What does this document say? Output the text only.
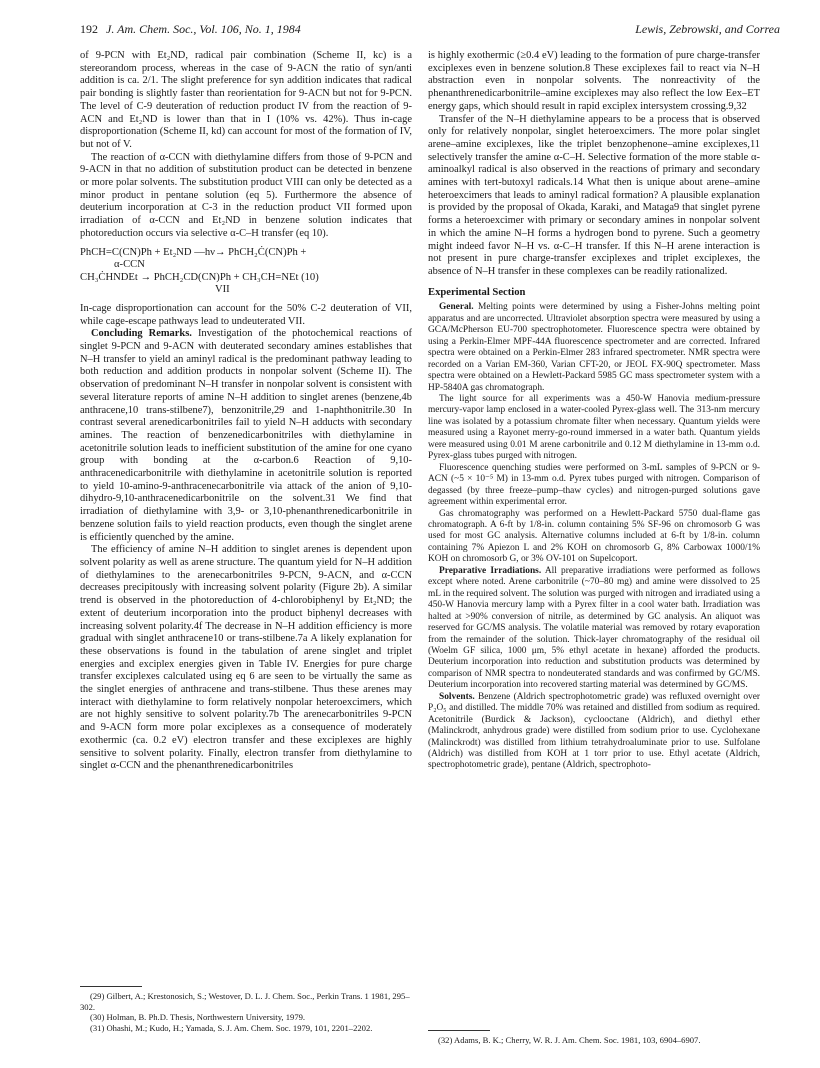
192 J. Am. Chem. Soc., Vol. 106, No. 1, 1984	Lewis, Zebrowski, and Correa

of 9-PCN with Et₂ND, radical pair combination (Scheme II, kc) is a stereorandom process, whereas in the case of 9-ACN the ratio of syn/anti addition is ca. 2/1. The slight preference for syn addition indicates that radical pair bonding is slightly faster than reorientation for 9-ACN but not for 9-PCN. The level of C-9 deuteration of reduction product IV from the reaction of 9-ACN and Et₂ND is lower than that in I (10% vs. 42%). Thus in-cage disproportionation (Scheme II, kd) can account for most of the formation of IV, but not of V.

The reaction of α-CCN with diethylamine differs from those of 9-PCN and 9-ACN in that no addition of substitution product can be detected in benzene or more polar solvents. The substitution product VIII can only be detected as a minor product in pentane solution (eq 5). Furthermore the absence of deuterium incorporation at C-3 in the reduction product VII formed upon irradiation of α-CCN and Et₂ND in benzene solution indicates that photoreduction occurs via selective α-C–H transfer (eq 10).

PhCH=C(CN)Ph + Et₂ND —hν→ PhCH₂Ċ(CN)Ph +
α-CCN
CH₃ĊHNDEt → PhCH₂CD(CN)Ph + CH₃CH=NEt (10)
VII

In-cage disproportionation can account for the 50% C-2 deuteration of VII, while cage-escape pathways lead to undeuterated VII.

Concluding Remarks. Investigation of the photochemical reactions of singlet 9-PCN and 9-ACN with deuterated secondary amines establishes that N–H transfer to yield an aminyl radical is the predominant pathway leading to both reduction and addition products in nonpolar solvent (Scheme II). The observation of predominant N–H transfer in nonpolar solvent is consistent with several literature reports of amine N–H addition to singlet arenes (benzene,4b anthracene,10 trans-stilbene7), benzonitrile,29 and 1-naphthonitrile.30 In contrast several arenedicarbonitriles fail to yield N–H adducts with secondary amines. The reaction of benzenedicarbonitriles with diethylamine in acetonitrile solution leads to inefficient substitution of the amine for one cyano group with bonding at the α-carbon.6 Reaction of 9,10-anthracenedicarbonitrile with diethylamine in acetonitrile solution is reported to yield 10-amino-9-anthracenecarbonitrile via attack of the anion of 9,10-dihydro-9,10-anthracenedicarbonitrile on the solvent.31 We find that irradiation of diethylamine with 3,9- or 3,10-phenanthrenedicarbonitrile in benzene solution fails to yield reaction products, even though the singlet arene is efficiently quenched by the amine.

The efficiency of amine N–H addition to singlet arenes is dependent upon solvent polarity as well as arene structure. The quantum yield for N–H addition of diethylamines to the arenecarbonitriles 9-PCN, 9-ACN, and α-CCN decreases precipitously with increasing solvent polarity (Figure 2b). A similar trend is observed in the photoreduction of 4-chlorobiphenyl by Et₂ND; the extent of deuterium incorporation into the product biphenyl decreases with increasing solvent polarity.4f The decrease in N–H addition efficiency is more gradual with singlet anthracene10 or trans-stilbene.7a A likely explanation for these observations is found in the tabulation of arene singlet and triplet energies and exciplex energies given in Table IV. Energies for pure charge transfer exciplexes calculated using eq 6 are seen to be virtually the same as the singlet energies of anthracene and trans-stilbene. Thus these arenes may interact with diethylamine to form relatively nonpolar heteroexcimers, which are not highly sensitive to solvent polarity.7b The arenecarbonitriles 9-PCN and 9-ACN form more polar exciplexes as a consequence of moderately exothermic (ca. 0.2 eV) electron transfer and these exciplexes are highly sensitive to solvent polarity. Finally, electron transfer from diethylamine to singlet α-CCN and the phenanthrenedicarbonitriles

is highly exothermic (≥0.4 eV) leading to the formation of pure charge-transfer exciplexes even in benzene solution.8 These exciplexes fail to react via N–H abstraction even in nonpolar solvents. The nonreactivity of the phenanthrenedicarbonitrile–amine exciplexes may also reflect the low Eex–ET energy gaps, which should result in rapid exciplex intersystem crossing.9,32

Transfer of the N–H diethylamine appears to be a process that is observed only for relatively nonpolar, singlet heteroexcimers. The more polar singlet arene–amine exciplexes, like the triplet benzophenone–amine exciplexes,11 selectively transfer the amine α-C–H. Selective formation of the more stable α-aminoalkyl radical is also observed in the reactions of primary and secondary amines with tert-butoxyl radicals.14 What then is unique about arene–amine heteroexcimers that leads to aminyl radical formation? A plausible explanation is provided by the proposal of Okada, Karaki, and Mataga9 that singlet pyrene forms a heteroexcimer with primary or secondary amines in nonpolar solvent in which the amine N–H forms a hydrogen bond to pyrene. Such a geometry might indeed favor N–H vs. α-C–H transfer. If this N–H arene interaction is not present in pure charge-transfer exciplexes and triplet exciplexes, the absence of N–H transfer in these complexes can be readily rationalized.

Experimental Section

General. Melting points were determined by using a Fisher-Johns melting point apparatus and are uncorrected. Ultraviolet absorption spectra were measured by using a GCA/McPherson EU-700 spectrophotometer. Fluorescence spectra were obtained by using a Perkin-Elmer MPF-44A fluorescence spectrometer and are corrected. Infrared spectra were obtained on a Perkin-Elmer 283 infrared spectrometer. NMR spectra were recorded on a Varian EM-360, Varian CFT-20, or JEOL FX-90Q spectrometer. Mass spectra were obtained on a Hewlett-Packard 5985 GC mass spectrometer system with a HP-5840A gas chromatograph.

The light source for all experiments was a 450-W Hanovia medium-pressure mercury-vapor lamp enclosed in a water-cooled Pyrex-glass well. The 313-nm mercury line was isolated by a potassium chromate filter when necessary. Quantum yields were measured using a Rayonet merry-go-round immersed in a water bath. Quantum yields were measured using 0.01 M arene carbonitrile and 0.12 M diethylamine in 13-mm o.d. Pyrex-glass tubes purged with nitrogen.

Fluorescence quenching studies were performed on 3-mL samples of 9-PCN or 9-ACN (~5 × 10⁻⁵ M) in 13-mm o.d. Pyrex tubes purged with nitrogen. Comparison of degassed (by three freeze–pump–thaw cycles) and nitrogen-purged solutions gave agreement within experimental error.

Gas chromatography was performed on a Hewlett-Packard 5750 dual-flame gas chromatograph. A 6-ft by 1/8-in. column containing 5% SF-96 on chromosorb G was used for most GC analysis. Alternative columns included at 6-ft by 1/8-in. column containing 7% Apiezon L and 2% KOH on chromosorb G, 8% Carbowax 1000/1% KOH on chromosorb G, or 3% OV-101 on Supelcoport.

Preparative Irradiations. All preparative irradiations were performed as follows except where noted. Arene carbonitrile (~70–80 mg) and amine were dissolved to 25 mL in the required solvent. The solution was purged with nitrogen and irradiated using a 450-W Hanovia mercury lamp with a Pyrex filter in a cool water bath. Irradiation was halted at >90% conversion of nitrile, as determined by GC analysis. An aliquot was reserved for GC/MS analysis. The volatile material was removed by rotary evaporation from the remainder of the solution. Thick-layer chromatography of the residual oil (Woelm GF silica, 1000 μm, 5% ethyl acetate in hexane) afforded the products. Deuterium incorporation into reduction and substitution products was determined by comparison of NMR spectra to nondeuterated standards and was confirmed by GC/MS. Deuterium incorporation into recovered starting material was determined by GC/MS.

Solvents. Benzene (Aldrich spectrophotometric grade) was refluxed overnight over P₂O₅ and distilled. The middle 70% was retained and distilled from sodium as required. Acetonitrile (Burdick & Jackson), cyclooctane (Aldrich), and diethyl ether (Malinckrodt, anhydrous grade) were distilled from sodium prior to use. Cyclohexane (Malinckrodt) was distilled from lithium tetrahydroaluminate prior to use. Sulfolane (Aldrich) was distilled from KOH at 1 torr prior to use. Ethyl acetate (Aldrich, spectrophotometric grade), pentane (Aldrich, spectrophoto-

(29) Gilbert, A.; Krestonosich, S.; Westover, D. L. J. Chem. Soc., Perkin Trans. 1 1981, 295–302.

(30) Holman, B. Ph.D. Thesis, Northwestern University, 1979.

(31) Ohashi, M.; Kudo, H.; Yamada, S. J. Am. Chem. Soc. 1979, 101, 2201–2202.

(32) Adams, B. K.; Cherry, W. R. J. Am. Chem. Soc. 1981, 103, 6904–6907.
